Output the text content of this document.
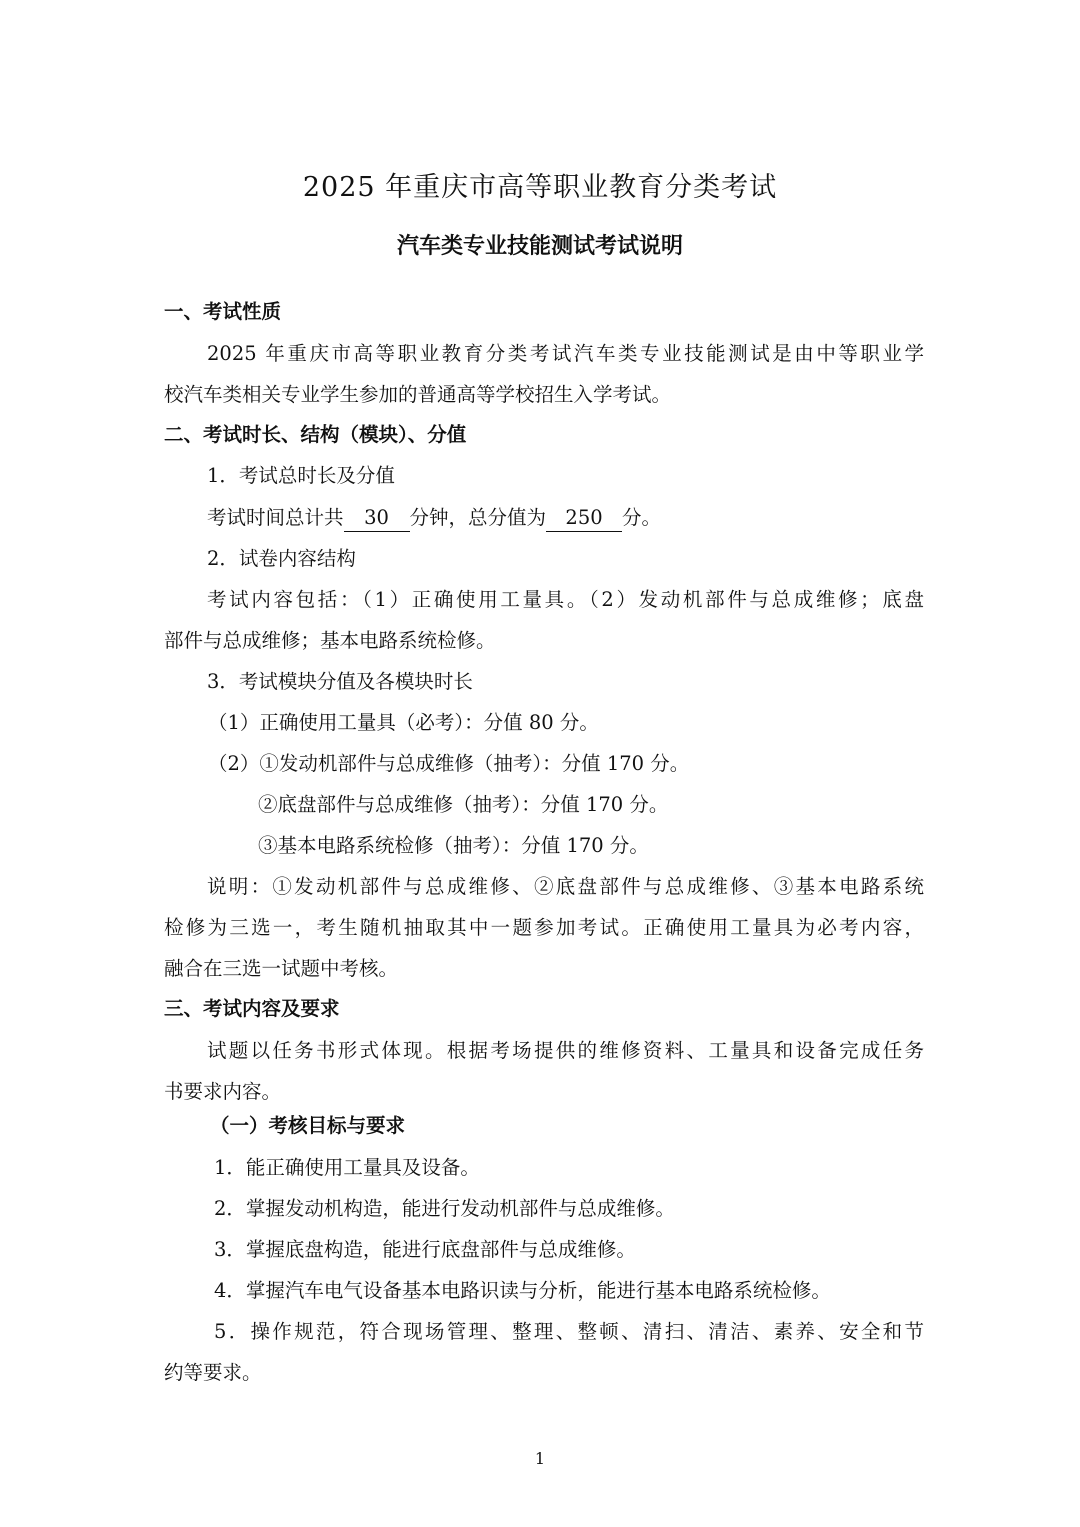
2025 年重庆市高等职业教育分类考试
汽车类专业技能测试考试说明
一、考试性质
2025 年重庆市高等职业教育分类考试汽车类专业技能测试是由中等职业学
校汽车类相关专业学生参加的普通高等学校招生入学考试。
二、考试时长、结构（模块）、分值
1．考试总时长及分值
考试时间总计共 30 分钟，总分值为 250 分。
2．试卷内容结构
考试内容包括：（1）正确使用工量具。（2）发动机部件与总成维修；底盘
部件与总成维修；基本电路系统检修。
3．考试模块分值及各模块时长
（1）正确使用工量具（必考）：分值 80 分。
（2）①发动机部件与总成维修（抽考）：分值 170 分。
②底盘部件与总成维修（抽考）：分值 170 分。
③基本电路系统检修（抽考）：分值 170 分。
说明：①发动机部件与总成维修、②底盘部件与总成维修、③基本电路系统
检修为三选一，考生随机抽取其中一题参加考试。正确使用工量具为必考内容，
融合在三选一试题中考核。
三、考试内容及要求
试题以任务书形式体现。根据考场提供的维修资料、工量具和设备完成任务
书要求内容。
（一）考核目标与要求
1．能正确使用工量具及设备。
2．掌握发动机构造，能进行发动机部件与总成维修。
3．掌握底盘构造，能进行底盘部件与总成维修。
4．掌握汽车电气设备基本电路识读与分析，能进行基本电路系统检修。
5．操作规范，符合现场管理、整理、整顿、清扫、清洁、素养、安全和节
约等要求。
1
